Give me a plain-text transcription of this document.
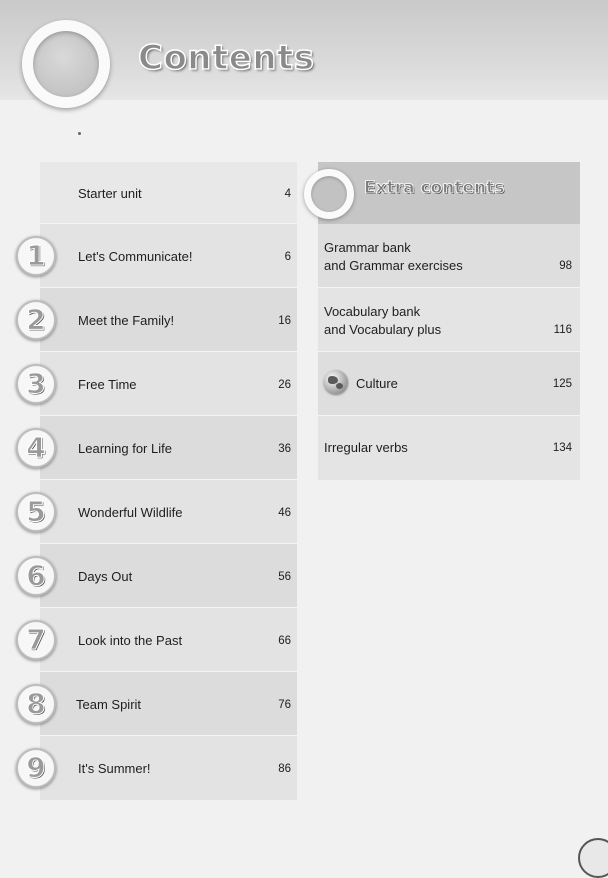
Contents
Starter unit	4
1 Let's Communicate!	6
2 Meet the Family!	16
3 Free Time	26
4 Learning for Life	36
5 Wonderful Wildlife	46
6 Days Out	56
7 Look into the Past	66
8 Team Spirit	76
9 It's Summer!	86
Extra contents
Grammar bank
and Grammar exercises	98
Vocabulary bank
and Vocabulary plus	116
Culture	125
Irregular verbs	134
